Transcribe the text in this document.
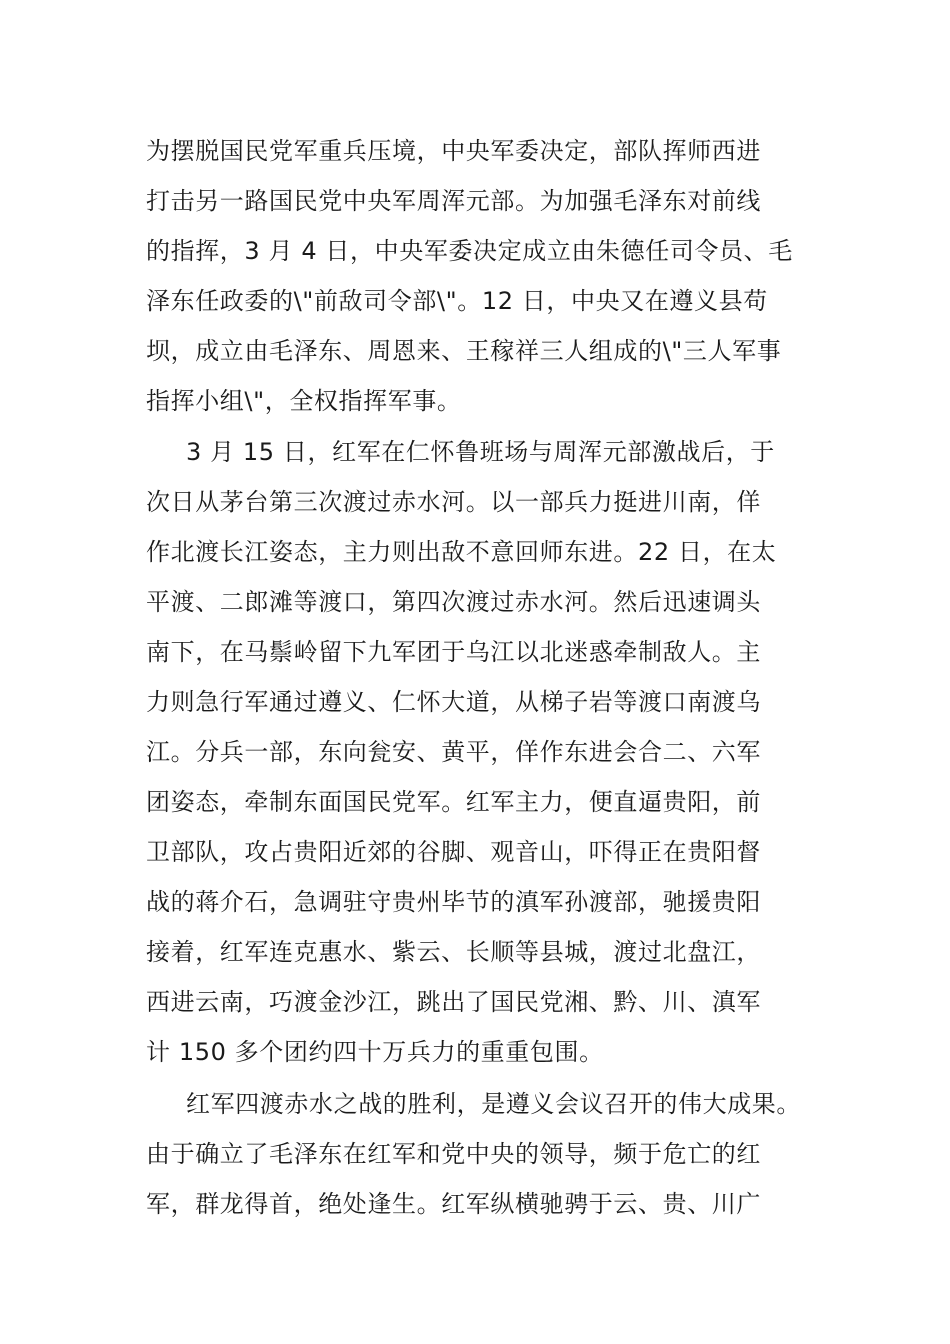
为摆脱国民党军重兵压境，中央军委决定，部队挥师西进
打击另一路国民党中央军周浑元部。为加强毛泽东对前线
的指挥，3 月 4 日，中央军委决定成立由朱德任司令员、毛
泽东任政委的\"前敌司令部\"。12 日，中央又在遵义县苟
坝，成立由毛泽东、周恩来、王稼祥三人组成的\"三人军事
指挥小组\"，全权指挥军事。
3 月 15 日，红军在仁怀鲁班场与周浑元部激战后，于
次日从茅台第三次渡过赤水河。以一部兵力挺进川南，佯
作北渡长江姿态，主力则出敌不意回师东进。22 日，在太
平渡、二郎滩等渡口，第四次渡过赤水河。然后迅速调头
南下，在马鬃岭留下九军团于乌江以北迷惑牵制敌人。主
力则急行军通过遵义、仁怀大道，从梯子岩等渡口南渡乌
江。分兵一部，东向瓮安、黄平，佯作东进会合二、六军
团姿态，牵制东面国民党军。红军主力，便直逼贵阳，前
卫部队，攻占贵阳近郊的谷脚、观音山，吓得正在贵阳督
战的蒋介石，急调驻守贵州毕节的滇军孙渡部，驰援贵阳
接着，红军连克惠水、紫云、长顺等县城，渡过北盘江，
西进云南，巧渡金沙江，跳出了国民党湘、黔、川、滇军
计 150 多个团约四十万兵力的重重包围。
红军四渡赤水之战的胜利，是遵义会议召开的伟大成果。
由于确立了毛泽东在红军和党中央的领导，频于危亡的红
军，群龙得首，绝处逢生。红军纵横驰骋于云、贵、川广
